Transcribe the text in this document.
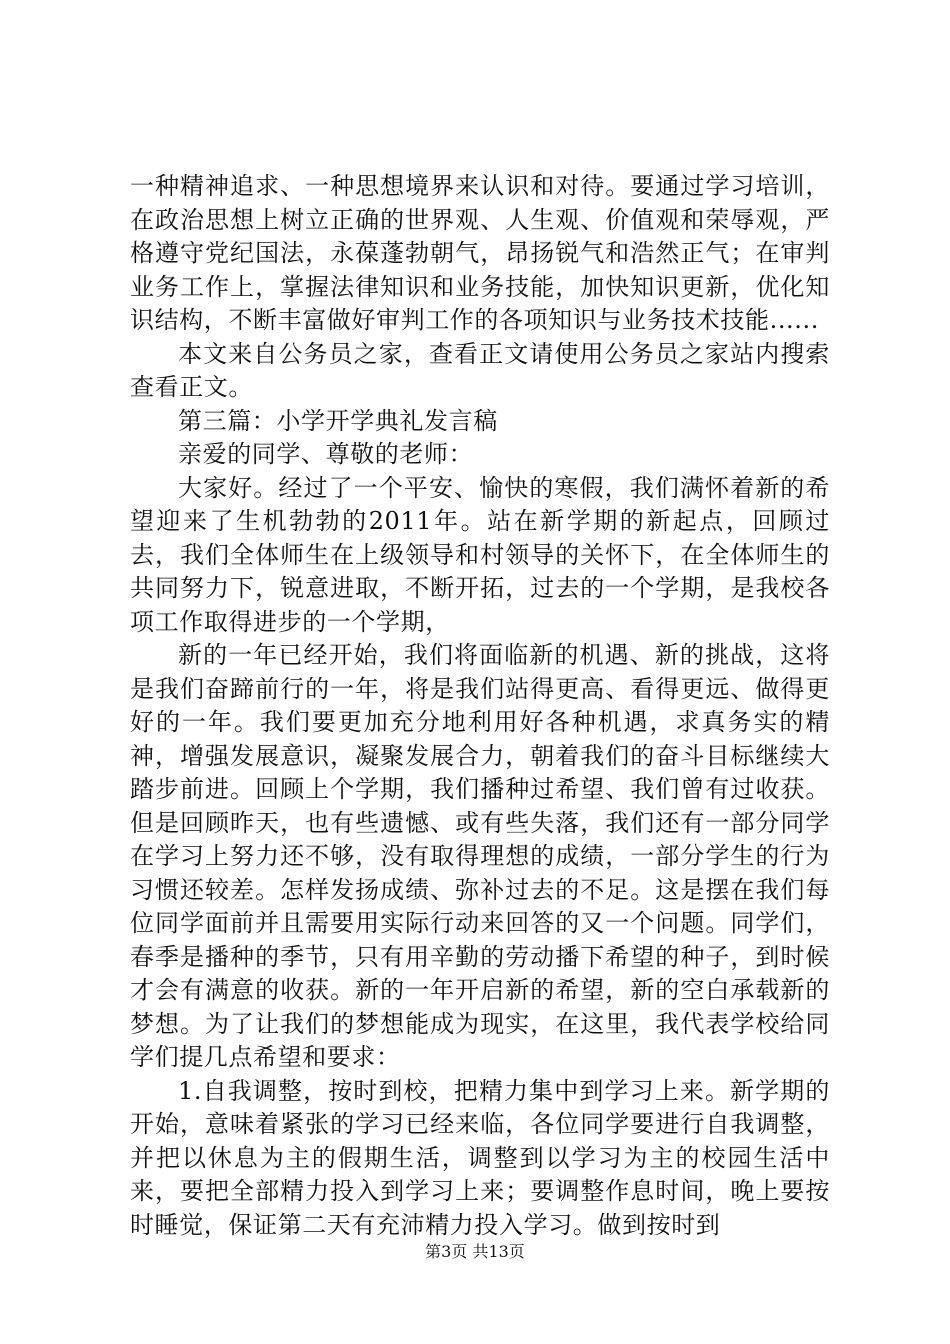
一种精神追求、一种思想境界来认识和对待。要通过学习培训，在政治思想上树立正确的世界观、人生观、价值观和荣辱观，严格遵守党纪国法，永葆蓬勃朝气，昂扬锐气和浩然正气；在审判业务工作上，掌握法律知识和业务技能，加快知识更新，优化知识结构，不断丰富做好审判工作的各项知识与业务技术技能......

本文来自公务员之家，查看正文请使用公务员之家站内搜索查看正文。

第三篇：小学开学典礼发言稿

亲爱的同学、尊敬的老师：

大家好。经过了一个平安、愉快的寒假，我们满怀着新的希望迎来了生机勃勃的2011年。站在新学期的新起点，回顾过去，我们全体师生在上级领导和村领导的关怀下，在全体师生的共同努力下，锐意进取，不断开拓，过去的一个学期，是我校各项工作取得进步的一个学期，

新的一年已经开始，我们将面临新的机遇、新的挑战，这将是我们奋蹄前行的一年，将是我们站得更高、看得更远、做得更好的一年。我们要更加充分地利用好各种机遇，求真务实的精神，增强发展意识，凝聚发展合力，朝着我们的奋斗目标继续大踏步前进。回顾上个学期，我们播种过希望、我们曾有过收获。但是回顾昨天，也有些遗憾、或有些失落，我们还有一部分同学在学习上努力还不够，没有取得理想的成绩，一部分学生的行为习惯还较差。怎样发扬成绩、弥补过去的不足。这是摆在我们每位同学面前并且需要用实际行动来回答的又一个问题。同学们，春季是播种的季节，只有用辛勤的劳动播下希望的种子，到时候才会有满意的收获。新的一年开启新的希望，新的空白承载新的梦想。为了让我们的梦想能成为现实，在这里，我代表学校给同学们提几点希望和要求：

1.自我调整，按时到校，把精力集中到学习上来。新学期的开始，意味着紧张的学习已经来临，各位同学要进行自我调整，并把以休息为主的假期生活，调整到以学习为主的校园生活中来，要把全部精力投入到学习上来；要调整作息时间，晚上要按时睡觉，保证第二天有充沛精力投入学习。做到按时到

第3页 共13页
